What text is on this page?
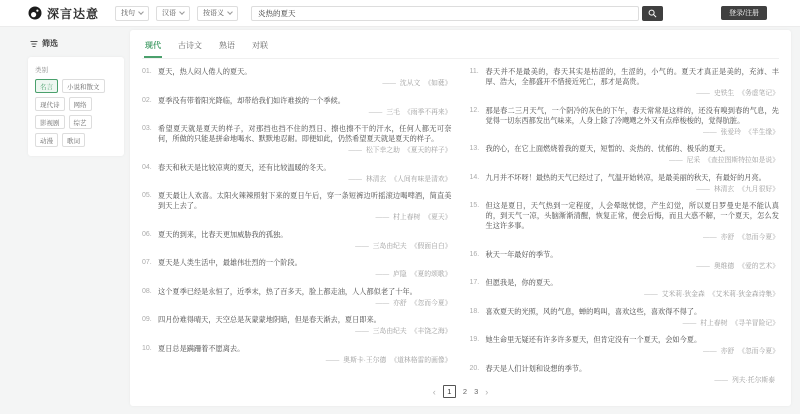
深言达意	找句	汉语	按语义
炎热的夏天	登录/注册
筛选
类别
名言	小说和散文
现代诗	网络
影视剧	综艺
动漫	歌词
现代 古诗文 熟语 对联
01. 夏天，热人闷人倦人的夏天。

—— 沈从文 《如蕤》
02. 夏季没有带着阳光降临，却带给我们如许难挨的一个季候。

—— 三毛 《雨季不再来》
03. 希望夏天就是夏天的样子，对那挡也挡不住的烈日、擦也擦不干的汗水，任何人都无可奈何，所做的只能是拼命地喝水、默默地忍耐。即便如此，仍然希望夏天就是夏天的样子。

—— 松下幸之助 《夏天的样子》
04. 春天和秋天是比较凉爽的夏天，还有比较温暖的冬天。

—— 林清玄 《人间有味是清欢》
05. 夏天最让人欢喜。太阳火辣辣照射下来的夏日午后，穿一条短裤边听摇滚边喝啤酒，简直美到天上去了。

—— 村上春树 《夏天》
06. 夏天的到来，比春天更加威胁我的孤独。

—— 三岛由纪夫 《假面自白》
07. 夏天是人类生活中，最雄伟壮烈的一个阶段。

—— 庐隐 《夏的颂歌》
08. 这个夏季已经是永恒了，近季末，热了百多天，脸上都走油，人人都似老了十年。

—— 亦舒 《忽而今夏》
09. 四月份难得晴天，天空总是灰蒙蒙地阴暗，但是春天渐去，夏日即来。

—— 三岛由纪夫 《丰饶之海》
10. 夏日总是蹒跚着不愿离去。

—— 奥斯卡·王尔德 《道林格雷的画像》
11. 春天并不是最美的，春天其实是枯涩的，生涩的，小气的。夏天才真正是美的，充沛、丰厚、浩大，全都盛开不惜接近死亡，那才是高贵。

—— 史铁生 《务虚笔记》
12. 那是春二三月天气，一个阴冷的灰色的下午，春天常常是这样的，还没有嗅到春的气息，先觉得一切东西都发出气味来，人身上除了冷飕飕之外又有点痒梭梭的，觉得肮脏。

—— 张爱玲 《半生缘》
13. 我的心，在它上面燃烧着我的夏天，短暂的、炎热的、忧郁的、极乐的夏天。

—— 尼采 《查拉图斯特拉如是说》
14. 九月并不坏呀！最热的天气已经过了，气温开始转凉，是最美丽的秋天，有最好的月亮。

—— 林清玄 《九月很好》
15. 但这是夏日，天气热到一定程度，人会晕眩恍惚，产生幻觉，所以夏日罗曼史是不能认真的，到天气一凉，头脑渐渐清醒，恢复正常，便会后悔，而且大惑不解，一个夏天，怎么发生这许多事。

—— 亦舒 《忽而今夏》
16. 秋天一年最好的季节。

—— 奥维德 《爱的艺术》
17. 但愿我是，你的夏天。

—— 艾米莉·狄金森 《艾米莉·狄金森诗集》
18. 喜欢夏天的光照，风的气息，蝉的鸣叫，喜欢这些，喜欢得不得了。

—— 村上春树 《寻羊冒险记》
19. 她生命里无疑还有许多许多夏天，但肯定没有一个夏天，会如今夏。

—— 亦舒 《忽而今夏》
20. 春天是人们计划和设想的季节。

—— 列夫·托尔斯泰
‹	1	2 3 ›
